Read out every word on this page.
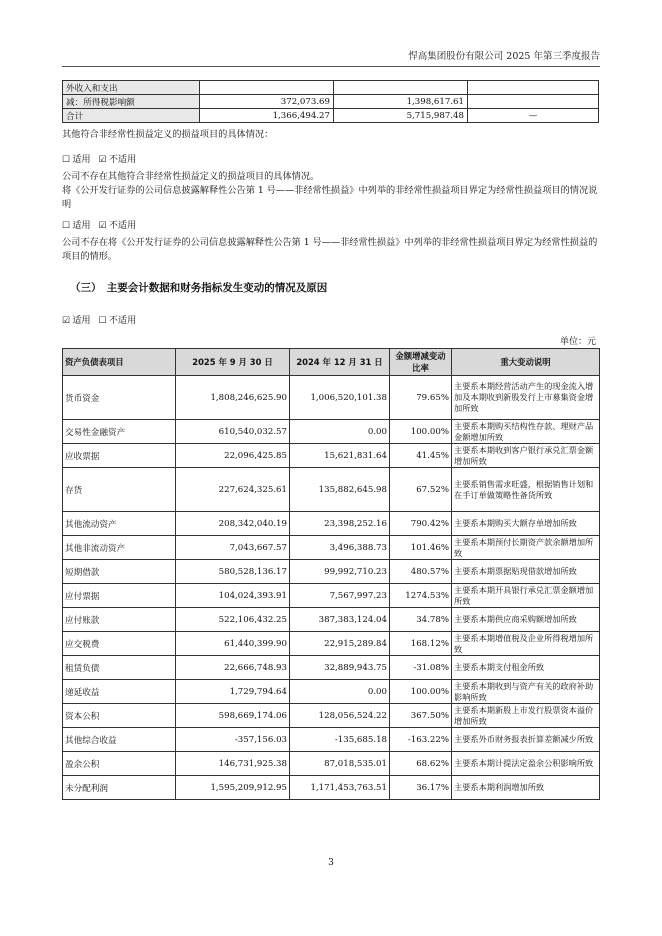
悍高集团股份有限公司 2025 年第三季度报告
外收入和支出			
减：所得税影响额	372,073.69	1,398,617.61	
合计	1,366,494.27	5,715,987.48	—
其他符合非经常性损益定义的损益项目的具体情况：
☐ 适用 ☑ 不适用
公司不存在其他符合非经常性损益定义的损益项目的具体情况。
将《公开发行证券的公司信息披露解释性公告第 1 号——非经常性损益》中列举的非经常性损益项目界定为经常性损益项目的情况说明
☐ 适用 ☑ 不适用
公司不存在将《公开发行证券的公司信息披露解释性公告第 1 号——非经常性损益》中列举的非经常性损益项目界定为经常性损益的项目的情形。
（三）　主要会计数据和财务指标发生变动的情况及原因
☑ 适用 ☐ 不适用
单位：元
资产负债表项目	2025 年 9 月 30 日	2024 年 12 月 31 日	金额增减变动比率	重大变动说明
货币资金	1,808,246,625.90	1,006,520,101.38	79.65%	主要系本期经营活动产生的现金流入增加及本期收到新股发行上市募集资金增加所致
交易性金融资产	610,540,032.57	0.00	100.00%	主要系本期购买结构性存款、理财产品金额增加所致
应收票据	22,096,425.85	15,621,831.64	41.45%	主要系本期收到客户银行承兑汇票金额增加所致
存货	227,624,325.61	135,882,645.98	67.52%	主要系销售需求旺盛，根据销售计划和在手订单做策略性备货所致
其他流动资产	208,342,040.19	23,398,252.16	790.42%	主要系本期购买大额存单增加所致
其他非流动资产	7,043,667.57	3,496,388.73	101.46%	主要系本期预付长期资产款余额增加所致
短期借款	580,528,136.17	99,992,710.23	480.57%	主要系本期票据贴现借款增加所致
应付票据	104,024,393.91	7,567,997.23	1274.53%	主要系本期开具银行承兑汇票金额增加所致
应付账款	522,106,432.25	387,383,124.04	34.78%	主要系本期供应商采购额增加所致
应交税费	61,440,399.90	22,915,289.84	168.12%	主要系本期增值税及企业所得税增加所致
租赁负债	22,666,748.93	32,889,943.75	-31.08%	主要系本期支付租金所致
递延收益	1,729,794.64	0.00	100.00%	主要系本期收到与资产有关的政府补助影响所致
资本公积	598,669,174.06	128,056,524.22	367.50%	主要系本期新股上市发行股票资本溢价增加所致
其他综合收益	-357,156.03	-135,685.18	-163.22%	主要系外币财务报表折算差额减少所致
盈余公积	146,731,925.38	87,018,535.01	68.62%	主要系本期计提法定盈余公积影响所致
未分配利润	1,595,209,912.95	1,171,453,763.51	36.17%	主要系本期利润增加所致
3
